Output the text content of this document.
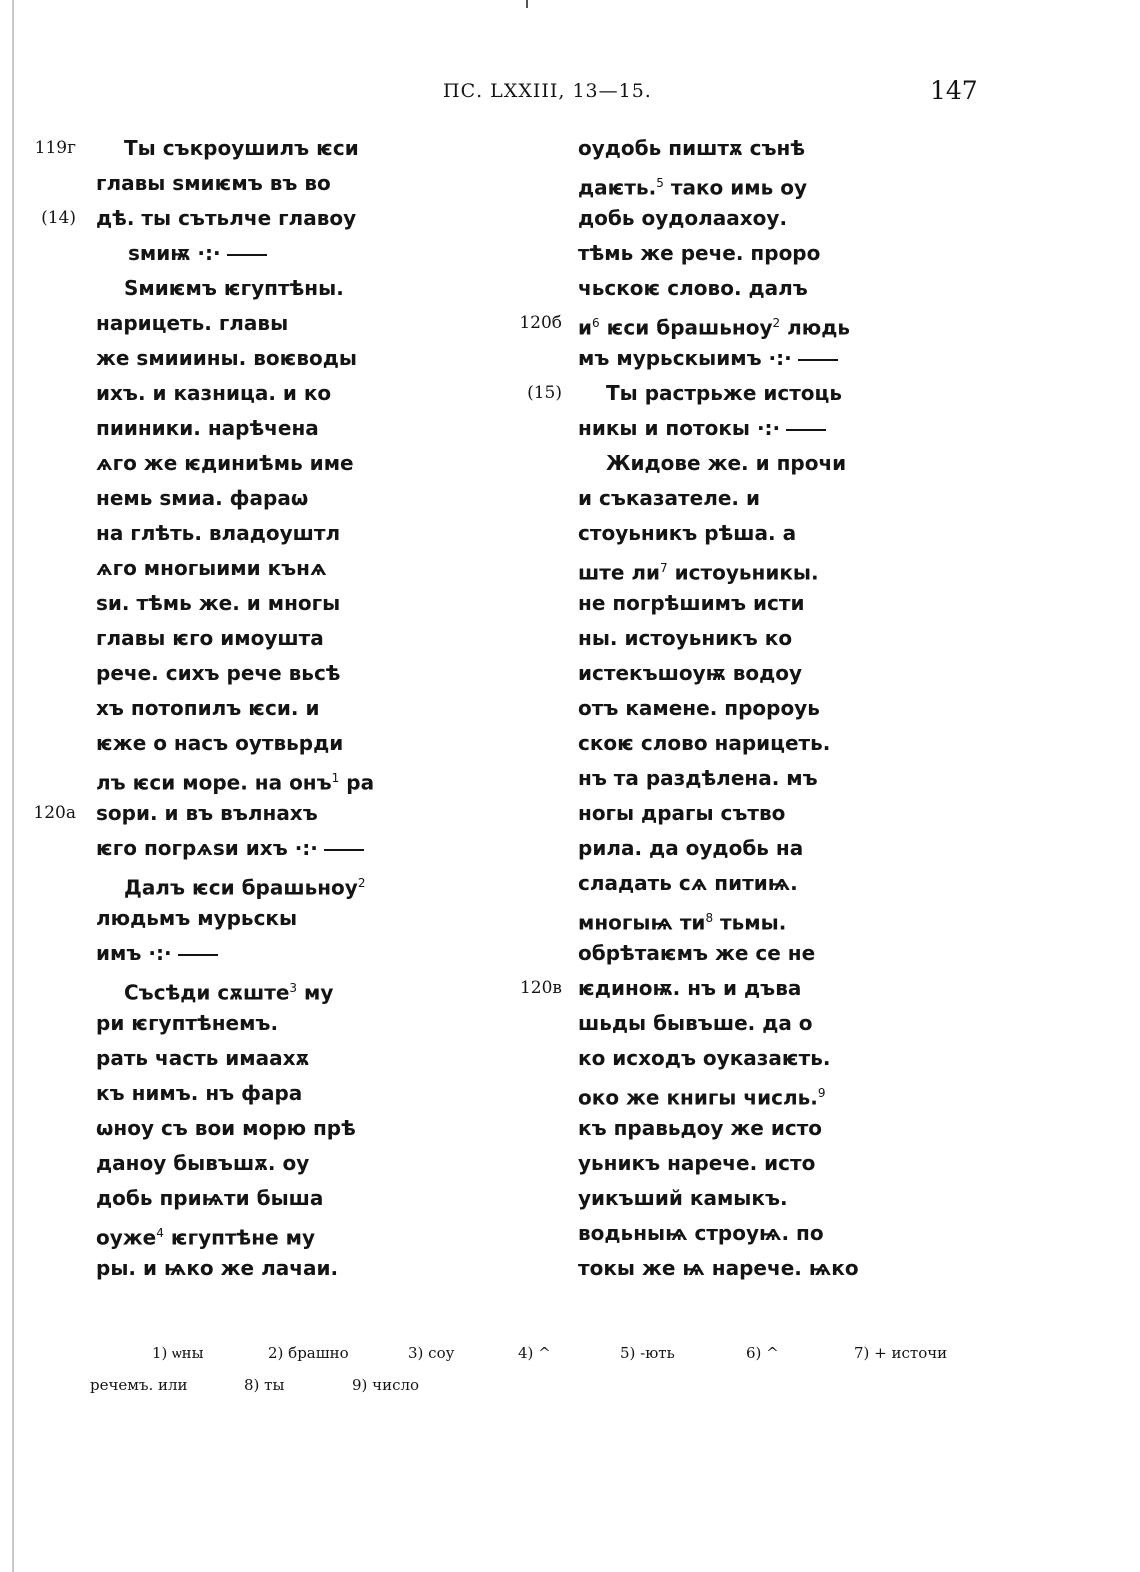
ПС. LXXIII, 13—15.	147
119г Ты съкроушилъ ѥси
главы ѕмиѥмъ въ во
(14) дѣ. ты сътьлче главоу
ѕмиѭ ·:·
Ѕмиѥмъ ѥгуптѣны.
нарицеть. главы
же ѕмииины. воѥводы
ихъ. и казница. и ко
пииники. нарѣчена
ѧго же ѥдиниѣмь име
немь ѕмиа. фараѡ
на глѣть. владоуштл
ѧго многыими кънѧ
ѕи. тѣмь же. и многы
главы ѥго имоушта
рече. сихъ рече вьсѣ
хъ потопилъ ѥси. и
ѥже о насъ оутвьрди
лъ ѥси море. на онъ$^1$ ра
120а ѕори. и въ вълнахъ
ѥго погрѧѕи ихъ ·:·
Далъ ѥси брашьноу$^2$
людьмъ мурьскы
имъ ·:·
Съсѣди сѫште$^3$ му
ри ѥгуптѣнемъ.
рать часть имаахѫ
къ нимъ. нъ фара
ѡноу съ вои морю прѣ
даноу бывъшѫ. оу
добь приѩти быша
оуже$^4$ ѥгуптѣне му
ры. и ѩко же лачаи.
оудобь пиштѫ сънѣ
даѥть.$^5$ тако имь оу
добь оудолаахоу.
тѣмь же рече. проро
чьскоѥ слово. далъ
120б $и^6$ ѥси брашьноу$^2$ людь
мъ мурьскыимъ ·:·
(15) Ты растрьже истоць
никы и потокы ·:·
Жидове же. и прочи
и съказателе. и
стоуьникъ рѣша. а
ште $ли^7$ истоуьникы.
не погрѣшимъ исти
ны. истоуьникъ ко
истекъшоуѭ водоу
отъ камене. пророуь
скоѥ слово нарицеть.
нъ та раздѣлена. мъ
ногы драгы сътво
рила. да оудобь на
сладать сѧ питиѩ.
многыѩ $ти^8$ тьмы.
обрѣтаѥмъ же се не
120в ѥдиноѭ. нъ и дъва
шьды бывъше. да о
ко исходъ оуказаѥть.
око же книгы числь.$^9$
къ правьдоу же исто
уьникъ нарече. исто
уикъший камыкъ.
водьныѩ строуѩ. по
токы же ѩ нарече. ѩко
1) ѡны	2) брашно	3) соу	4) ^	5) -ють	6) ^	7) + источи
речемъ. или	8) ты	9) число
